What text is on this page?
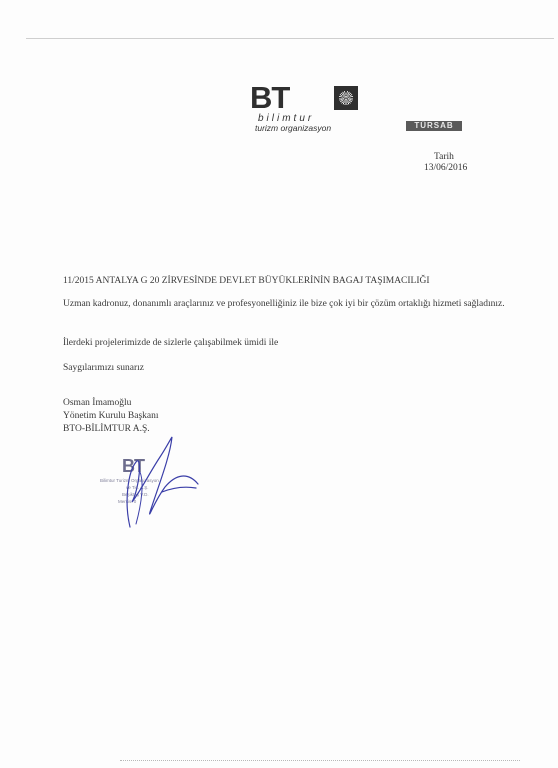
BT
bilimtur
turizm organizasyon	TÜRSAB
Tarih
13/06/2016
11/2015 ANTALYA G 20 ZİRVESİNDE DEVLET BÜYÜKLERİNİN BAGAJ TAŞIMACILIĞI
Uzman kadronuz, donanımlı araçlarınız ve profesyonelliğiniz ile bize çok iyi bir çözüm ortaklığı hizmeti sağladınız.
İlerdeki projelerimizde de sizlerle çalışabilmek ümidi ile
Saygılarımızı sunarız
Osman İmamoğlu
Yönetim Kurulu Başkanı
BTO-BİLİMTUR A.Ş.
BT
Bilimtur Turizm Organizasyon
ve Tic. A.Ş.
Beşiktaş V.D.
Mersis: 0
